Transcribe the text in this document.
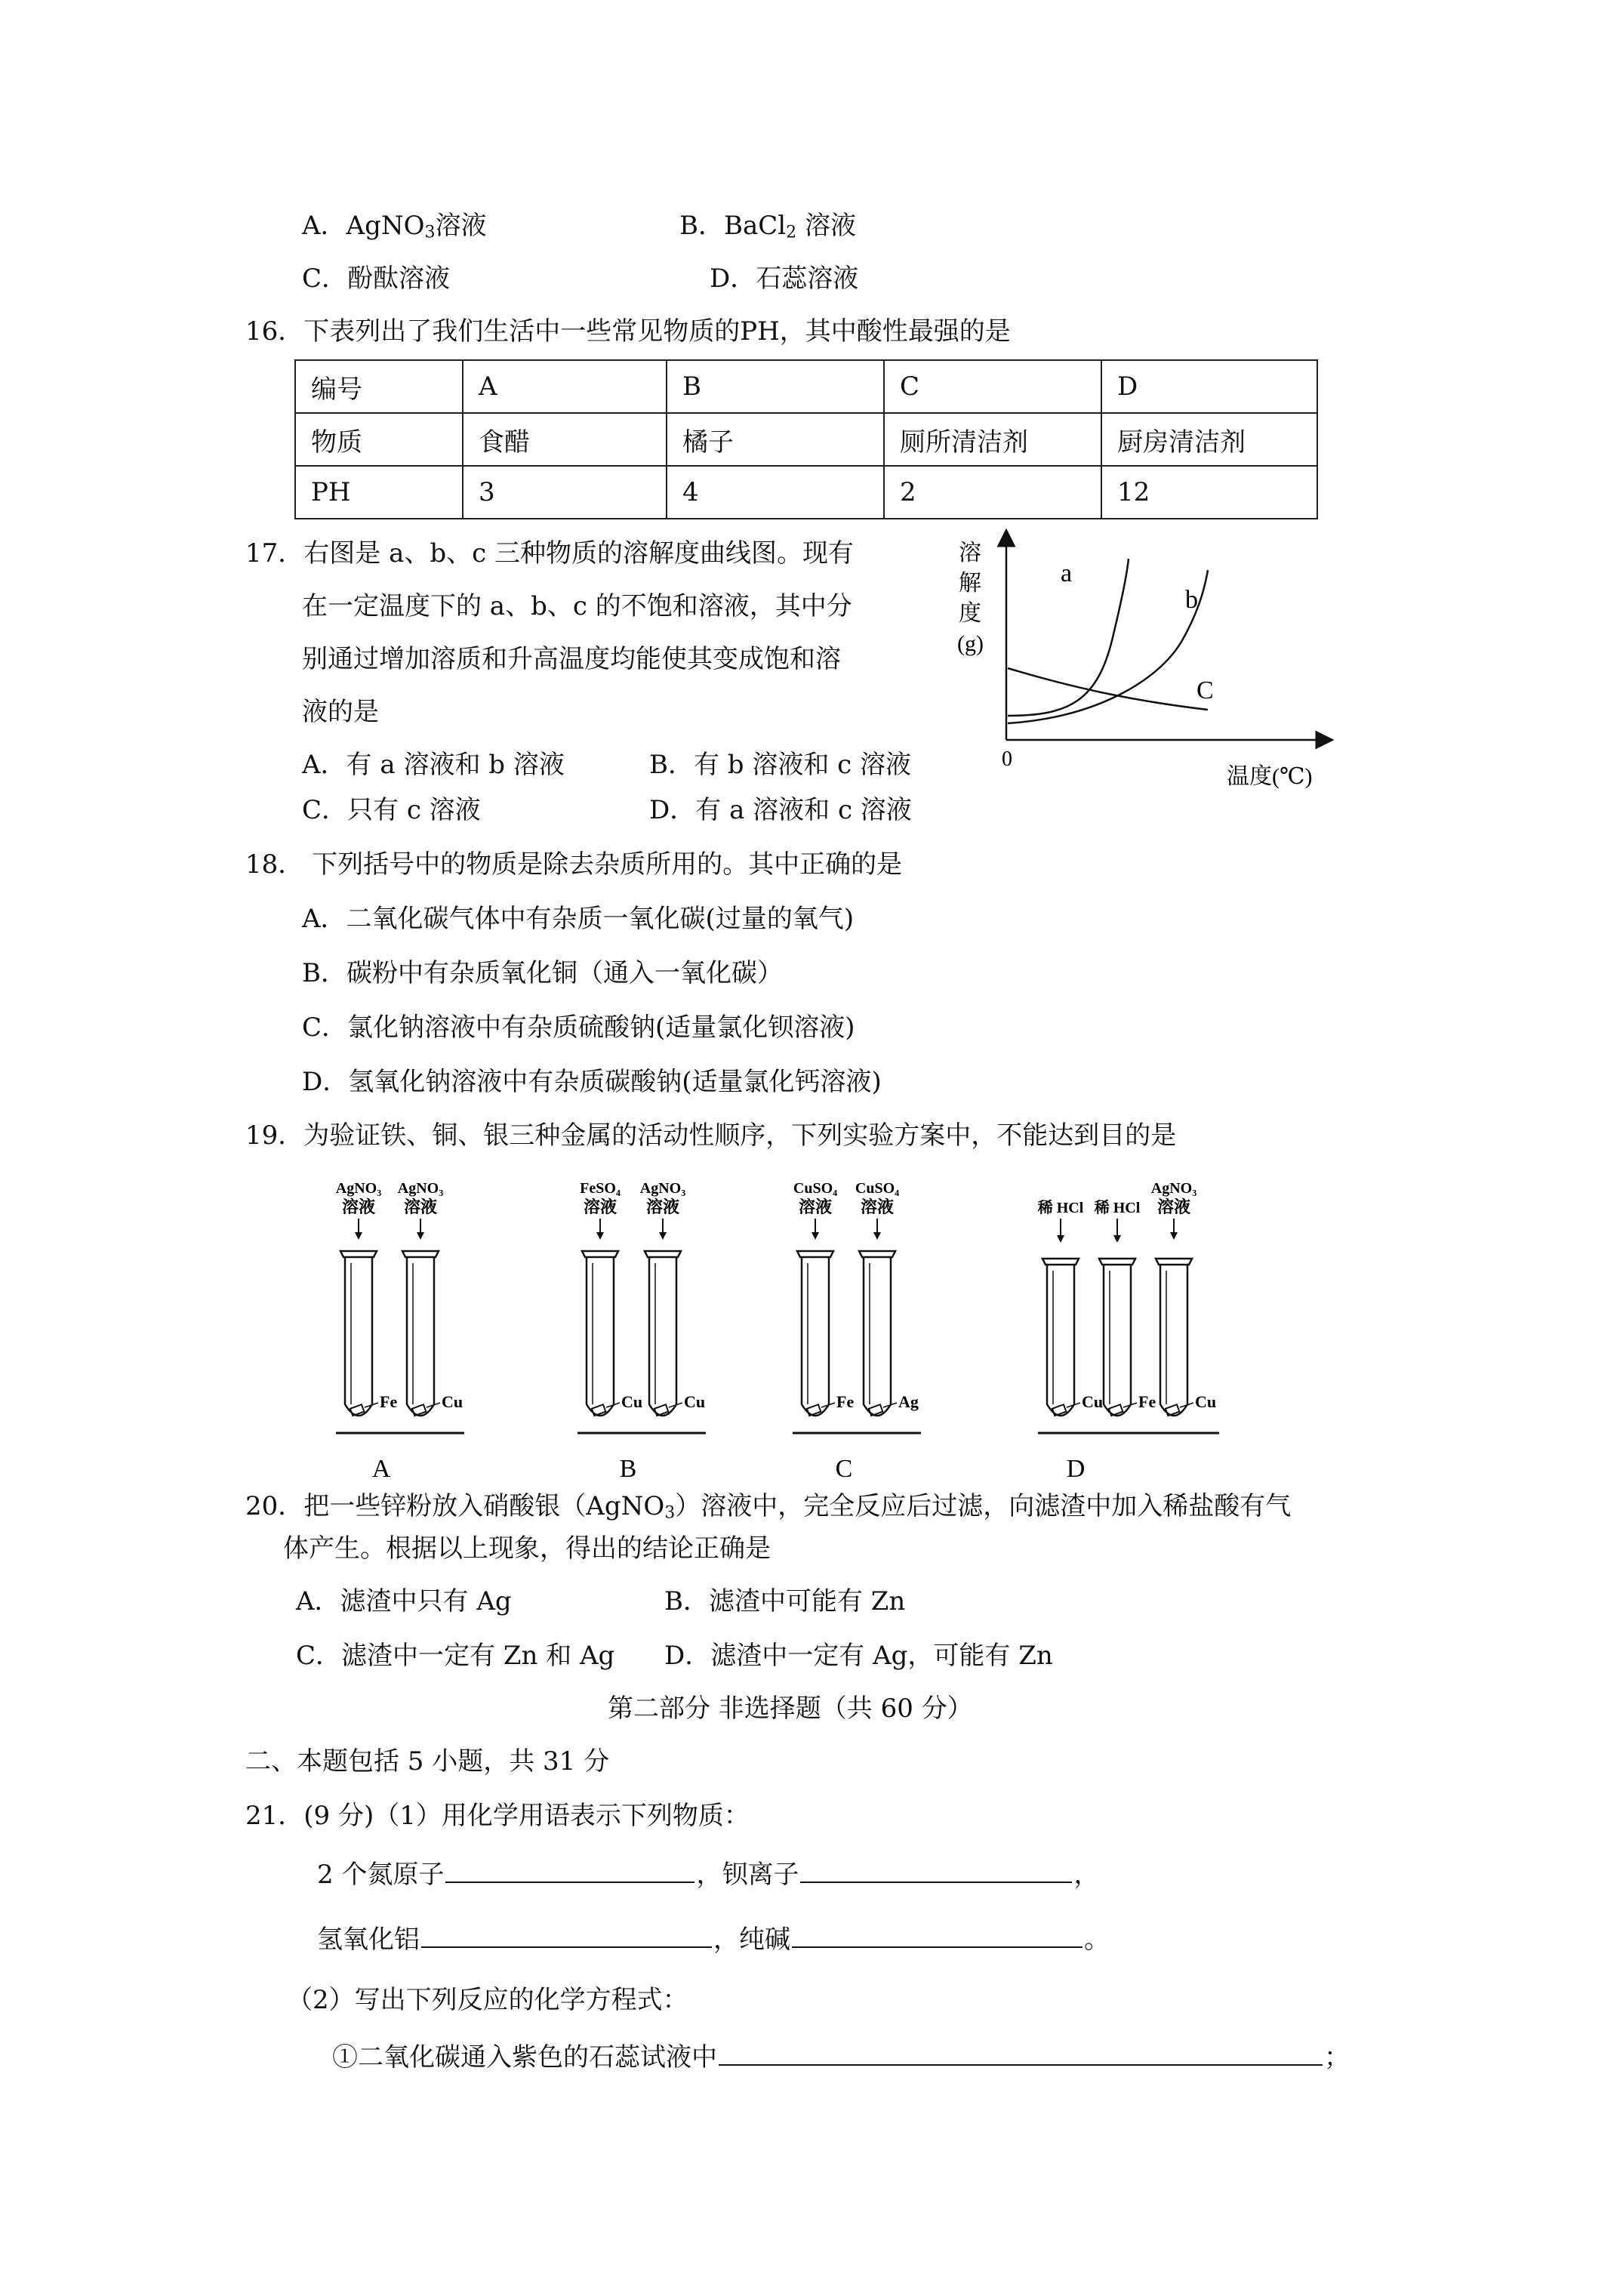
A．AgNO$_3$溶液	B．BaCl$_2$ 溶液
C．酚酞溶液	D．石蕊溶液
16．下表列出了我们生活中一些常见物质的PH，其中酸性最强的是
编号	A	B	C	D
物质	食醋	橘子	厕所清洁剂	厨房清洁剂
PH	3	4	2	12
17．右图是 a、b、c 三种物质的溶解度曲线图。现有
在一定温度下的 a、b、c 的不饱和溶液，其中分
别通过增加溶质和升高温度均能使其变成饱和溶
液的是
A．有 a 溶液和 b 溶液	B．有 b 溶液和 c 溶液
C．只有 c 溶液	D．有 a 溶液和 c 溶液
溶
解
度
(g)
0
温度(℃)
a
b
C
18． 下列括号中的物质是除去杂质所用的。其中正确的是
A．二氧化碳气体中有杂质一氧化碳(过量的氧气)
B．碳粉中有杂质氧化铜（通入一氧化碳）
C．氯化钠溶液中有杂质硫酸钠(适量氯化钡溶液)
D．氢氧化钠溶液中有杂质碳酸钠(适量氯化钙溶液)
19．为验证铁、铜、银三种金属的活动性顺序，下列实验方案中，不能达到目的是
AgNO₃
溶液
Fe
AgNO₃
溶液
Cu
A
FeSO₄
溶液
Cu
AgNO₃
溶液
Cu
B
CuSO₄
溶液
Fe
CuSO₄
溶液
Ag
C
稀 HCl
Cu
稀 HCl
Fe
AgNO₃
溶液
Cu
D
20．把一些锌粉放入硝酸银（AgNO$_3$）溶液中，完全反应后过滤，向滤渣中加入稀盐酸有气
体产生。根据以上现象，得出的结论正确是
A．滤渣中只有 Ag	B．滤渣中可能有 Zn
C．滤渣中一定有 Zn 和 Ag D．滤渣中一定有 Ag，可能有 Zn
第二部分 非选择题（共 60 分）
二、本题包括 5 小题，共 31 分
21．(9 分)（1）用化学用语表示下列物质：
2 个氮原子	，钡离子	，
氢氧化铝	，纯碱	。
（2）写出下列反应的化学方程式：
①二氧化碳通入紫色的石蕊试液中	；
